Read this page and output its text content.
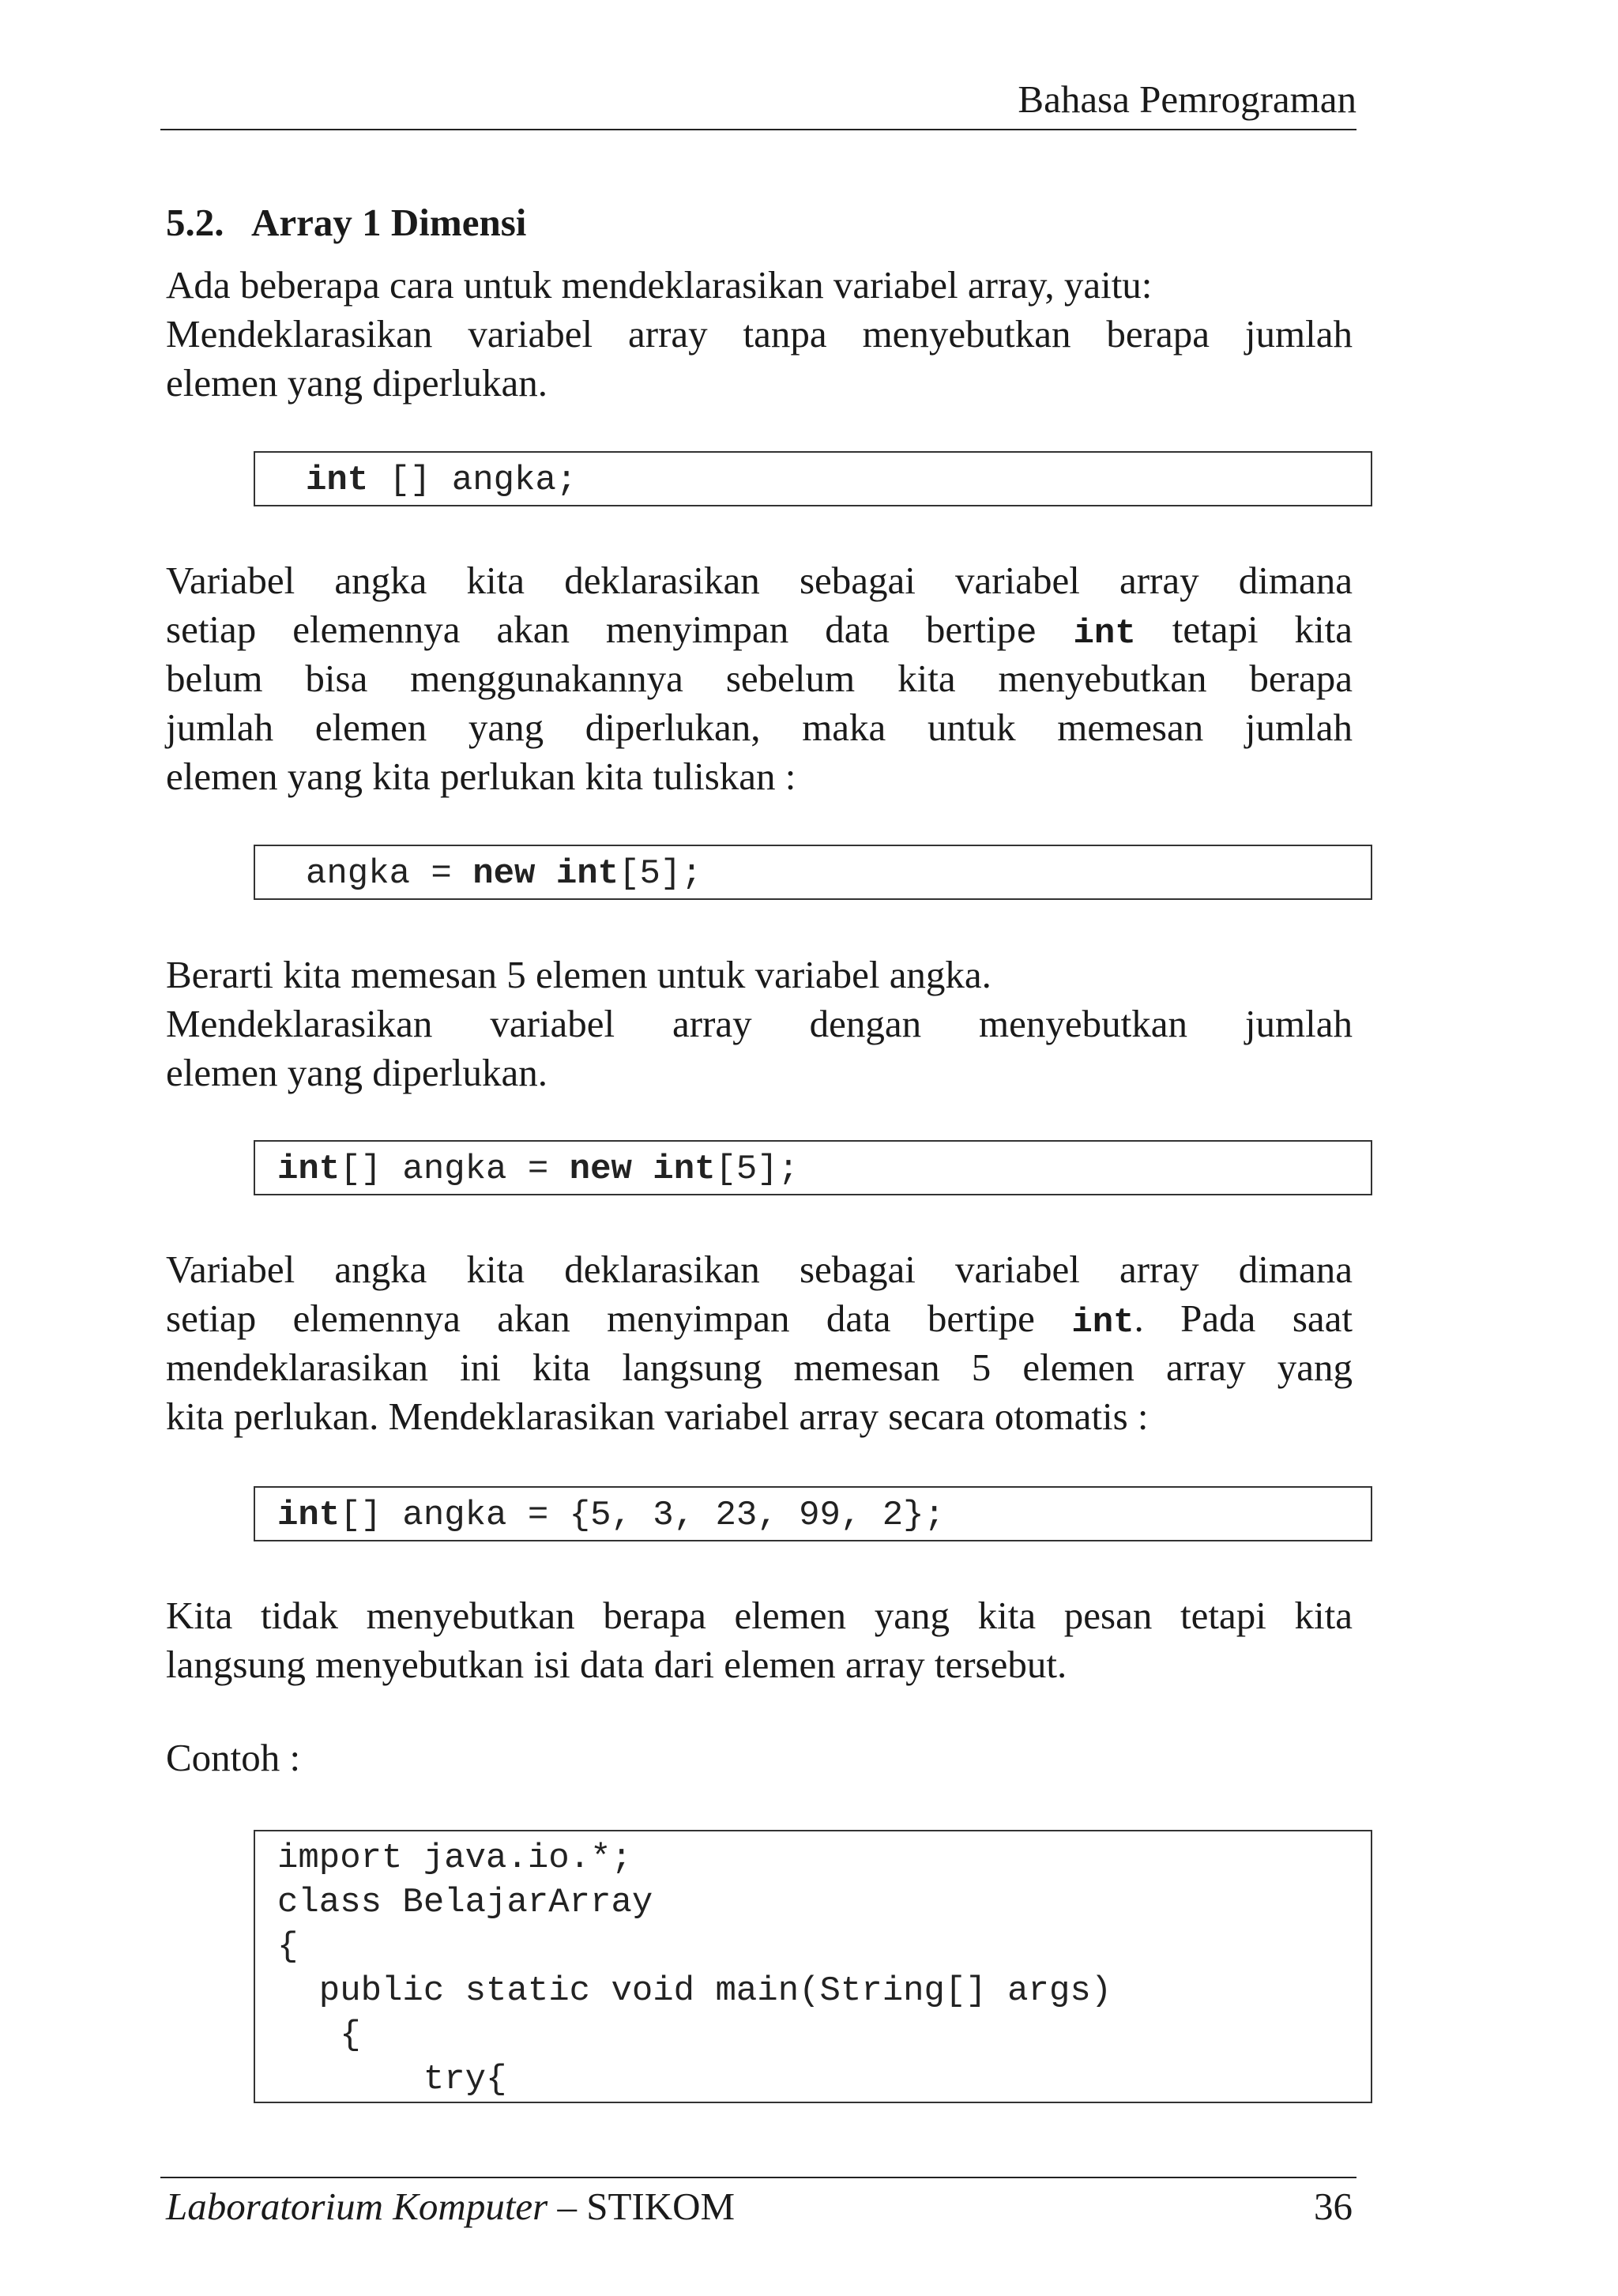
Bahasa Pemrograman
5.2. Array 1 Dimensi
Ada beberapa cara untuk mendeklarasikan variabel array, yaitu:
Mendeklarasikan variabel array tanpa menyebutkan berapa jumlah
elemen yang diperlukan.
int [] angka;
Variabel angka kita deklarasikan sebagai variabel array dimana
setiap elemennya akan menyimpan data bertipe int tetapi kita
belum bisa menggunakannya sebelum kita menyebutkan berapa
jumlah elemen yang diperlukan, maka untuk memesan jumlah
elemen yang kita perlukan kita tuliskan :
angka = new int[5];
Berarti kita memesan 5 elemen untuk variabel angka.
Mendeklarasikan variabel array dengan menyebutkan jumlah
elemen yang diperlukan.
int[] angka = new int[5];
Variabel angka kita deklarasikan sebagai variabel array dimana
setiap elemennya akan menyimpan data bertipe int. Pada saat
mendeklarasikan ini kita langsung memesan 5 elemen array yang
kita perlukan. Mendeklarasikan variabel array secara otomatis :
int[] angka = {5, 3, 23, 99, 2};
Kita tidak menyebutkan berapa elemen yang kita pesan tetapi kita
langsung menyebutkan isi data dari elemen array tersebut.
Contoh :
import java.io.*;
class BelajarArray
{
public static void main(String[] args)
{
try{
Laboratorium Komputer – STIKOM	36
